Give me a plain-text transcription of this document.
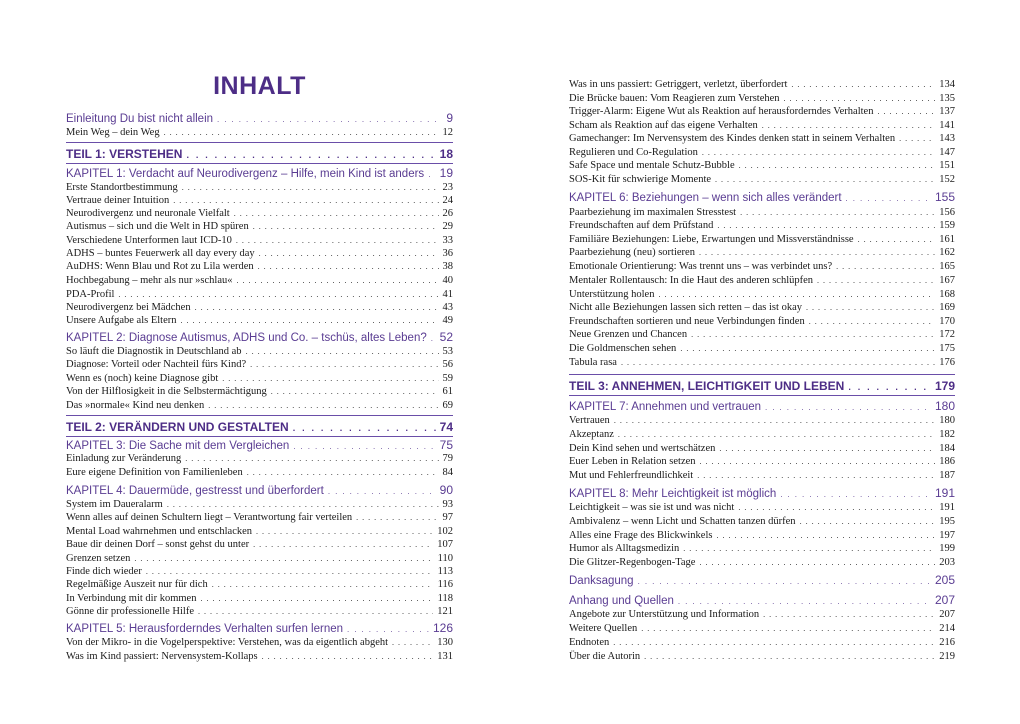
INHALT
Einleitung Du bist nicht allein . . .	9
Mein Weg – dein Weg . . .	12
TEIL 1: VERSTEHEN . . .	18
KAPITEL 1: Verdacht auf Neurodivergenz – Hilfe, mein Kind ist anders . . . 19
Erste Standortbestimmung . . .	23
Vertraue deiner Intuition . . .	24
Neurodivergenz und neuronale Vielfalt . . .	26
Autismus – sich und die Welt in HD spüren . . .	29
Verschiedene Unterformen laut ICD-10 . . .	33
ADHS – buntes Feuerwerk all day every day . . .	36
AuDHS: Wenn Blau und Rot zu Lila werden . . .	38
Hochbegabung – mehr als nur »schlau« . . .	40
PDA-Profil . . .	41
Neurodivergenz bei Mädchen . . .	43
Unsere Aufgabe als Eltern . . .	49
KAPITEL 2: Diagnose Autismus, ADHS und Co. – tschüs, altes Leben? . . . 52
So läuft die Diagnostik in Deutschland ab . . .	53
Diagnose: Vorteil oder Nachteil fürs Kind? . . .	56
Wenn es (noch) keine Diagnose gibt . . .	59
Von der Hilflosigkeit in die Selbstermächtigung . . .	61
Das »normale« Kind neu denken . . .	69
TEIL 2: VERÄNDERN UND GESTALTEN . . .	74
KAPITEL 3: Die Sache mit dem Vergleichen . . .	75
Einladung zur Veränderung . . .	79
Eure eigene Definition von Familienleben . . .	84
KAPITEL 4: Dauermüde, gestresst und überfordert . . .	90
System im Daueralarm . . .	93
Wenn alles auf deinen Schultern liegt – Verantwortung fair verteilen . . .	97
Mental Load wahrnehmen und entschlacken . . .	102
Baue dir deinen Dorf – sonst gehst du unter . . .	107
Grenzen setzen . . .	110
Finde dich wieder . . .	113
Regelmäßige Auszeit nur für dich . . .	116
In Verbindung mit dir kommen . . .	118
Gönne dir professionelle Hilfe . . .	121
KAPITEL 5: Herausforderndes Verhalten surfen lernen . . .	126
Von der Mikro- in die Vogelperspektive: Verstehen, was da eigentlich abgeht . . .	130
Was im Kind passiert: Nervensystem-Kollaps . . .	131
Was in uns passiert: Getriggert, verletzt, überfordert . . .	134
Die Brücke bauen: Vom Reagieren zum Verstehen . . .	135
Trigger-Alarm: Eigene Wut als Reaktion auf herausforderndes Verhalten . . .	137
Scham als Reaktion auf das eigene Verhalten . . .	141
Gamechanger: Im Nervensystem des Kindes denken statt in seinem Verhalten . . .	143
Regulieren und Co-Regulation . . .	147
Safe Space und mentale Schutz-Bubble . . .	151
SOS-Kit für schwierige Momente . . .	152
KAPITEL 6: Beziehungen – wenn sich alles verändert . . .	155
Paarbeziehung im maximalen Stresstest . . .	156
Freundschaften auf dem Prüfstand . . .	159
Familiäre Beziehungen: Liebe, Erwartungen und Missverständnisse . . .	161
Paarbeziehung (neu) sortieren . . .	162
Emotionale Orientierung: Was trennt uns – was verbindet uns? . . .	165
Mentaler Rollentausch: In die Haut des anderen schlüpfen . . .	167
Unterstützung holen . . .	168
Nicht alle Beziehungen lassen sich retten – das ist okay . . .	169
Freundschaften sortieren und neue Verbindungen finden . . .	170
Neue Grenzen und Chancen . . .	172
Die Goldmenschen sehen . . .	175
Tabula rasa . . .	176
TEIL 3: ANNEHMEN, LEICHTIGKEIT UND LEBEN . . .	179
KAPITEL 7: Annehmen und vertrauen . . .	180
Vertrauen . . .	180
Akzeptanz . . .	182
Dein Kind sehen und wertschätzen . . .	184
Euer Leben in Relation setzen . . .	186
Mut und Fehlerfreundlichkeit . . .	187
KAPITEL 8: Mehr Leichtigkeit ist möglich . . .	191
Leichtigkeit – was sie ist und was nicht . . .	191
Ambivalenz – wenn Licht und Schatten tanzen dürfen . . .	195
Alles eine Frage des Blickwinkels . . .	197
Humor als Alltagsmedizin . . .	199
Die Glitzer-Regenbogen-Tage . . .	203
Danksagung . . .	205
Anhang und Quellen . . .	207
Angebote zur Unterstützung und Information . . .	207
Weitere Quellen . . .	214
Endnoten . . .	216
Über die Autorin . . .	219
